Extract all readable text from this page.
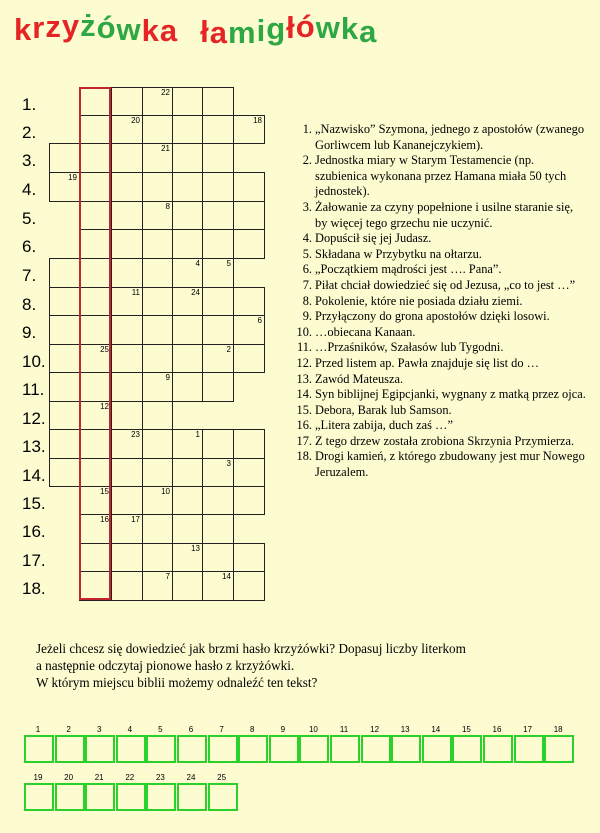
krzyżówka łamigłówka
22
1.
20	18
2.
21
3.
19
4.
8
5.
6.
4	5
7.
11	24
8.
6
9.
25	2
10.
9
11.
12
12.
23	1
13.
3
14.
15	10
15.
16	17
16.
13
17.
7	14
18.
1. „Nazwisko” Szymona, jednego z apostołów (zwanego Gorliwcem lub Kananejczykiem).
2. Jednostka miary w Starym Testamencie (np. szubienica wykonana przez Hamana miała 50 tych jednostek).
3. Żałowanie za czyny popełnione i usilne staranie się, by więcej tego grzechu nie uczynić.
4. Dopuścił się jej Judasz.
5. Składana w Przybytku na ołtarzu.
6. „Początkiem mądrości jest …. Pana”.
7. Piłat chciał dowiedzieć się od Jezusa, „co to jest …”
8. Pokolenie, które nie posiada działu ziemi.
9. Przyłączony do grona apostołów dzięki losowi.
10. …obiecana Kanaan.
11. …Przaśników, Szałasów lub Tygodni.
12. Przed listem ap. Pawła znajduje się list do …
13. Zawód Mateusza.
14. Syn biblijnej Egipcjanki, wygnany z matką przez ojca.
15. Debora, Barak lub Samson.
16. „Litera zabija, duch zaś …”
17. Z tego drzew została zrobiona Skrzynia Przymierza.
18. Drogi kamień, z którego zbudowany jest mur Nowego Jeruzalem.
Jeżeli chcesz się dowiedzieć jak brzmi hasło krzyżówki? Dopasuj liczby literkom
a następnie odczytaj pionowe hasło z krzyżówki.
W którym miejscu biblii możemy odnaleźć ten tekst?
1	2	3	4	5	6	7	8	9	10	11	12	13	14	15	16	17	18
19	20	21	22	23	24	25
